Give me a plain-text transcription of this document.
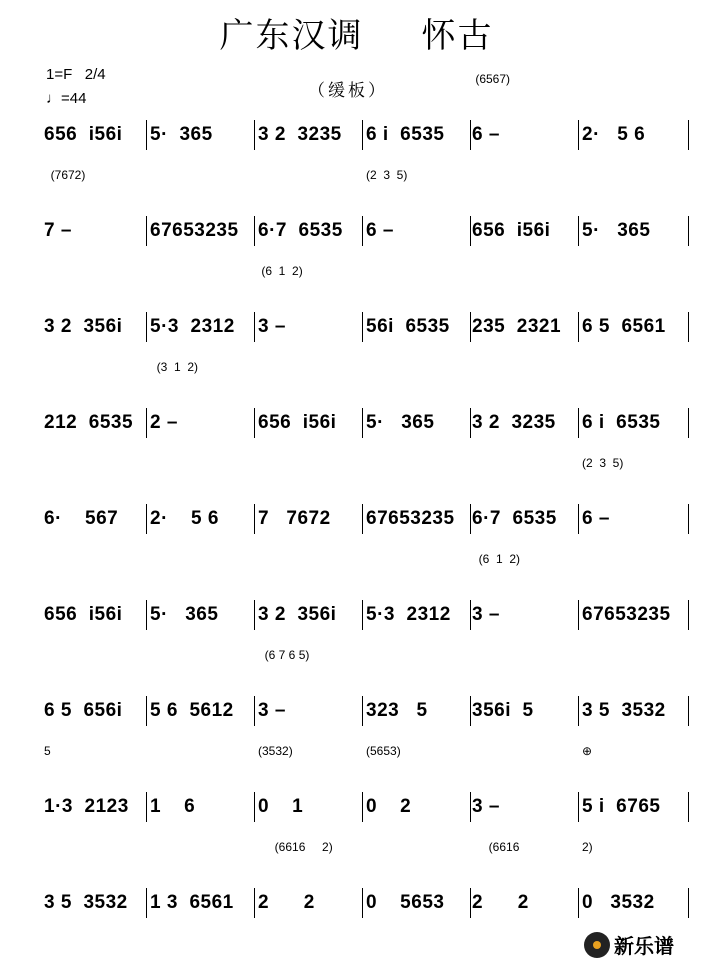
广东汉调 怀古
1=F 2/4
♩=44	（缓板）
656  i56i 5·  365 3 2  3235 6 i  6535
(6567)
6 –	2·   5 6
(7672)
7 –	67653235 6·7  6535
(2  3  5)
6 –	656  i56i 5·   365
3 2  356i 5·3  2312
(6  1  2)
3 –	56i  6535 235  2321 6 5  6561
212  6535
(3  1  2)
2 –	656  i56i 5·   365 3 2  3235 6 i  6535
6·    567 2·    5 6 7   7672 67653235 6·7  6535
(2  3  5)
6 –
656  i56i 5·   365 3 2  356i 5·3  2312
(6  1  2)
3 –	67653235
6 5  656i 5 6  5612
(6 7 6 5)
3 –	323   5 356i  5	3 5  3532
5
1·3  2123 1    6
(3532)
0    1
(5653)
0    2	3 –
⊕
5 i  6765
3 5  3532 1 3  6561
(6616     2)
2      2	0    5653
(6616
2      2
2)
0   3532
新乐谱
